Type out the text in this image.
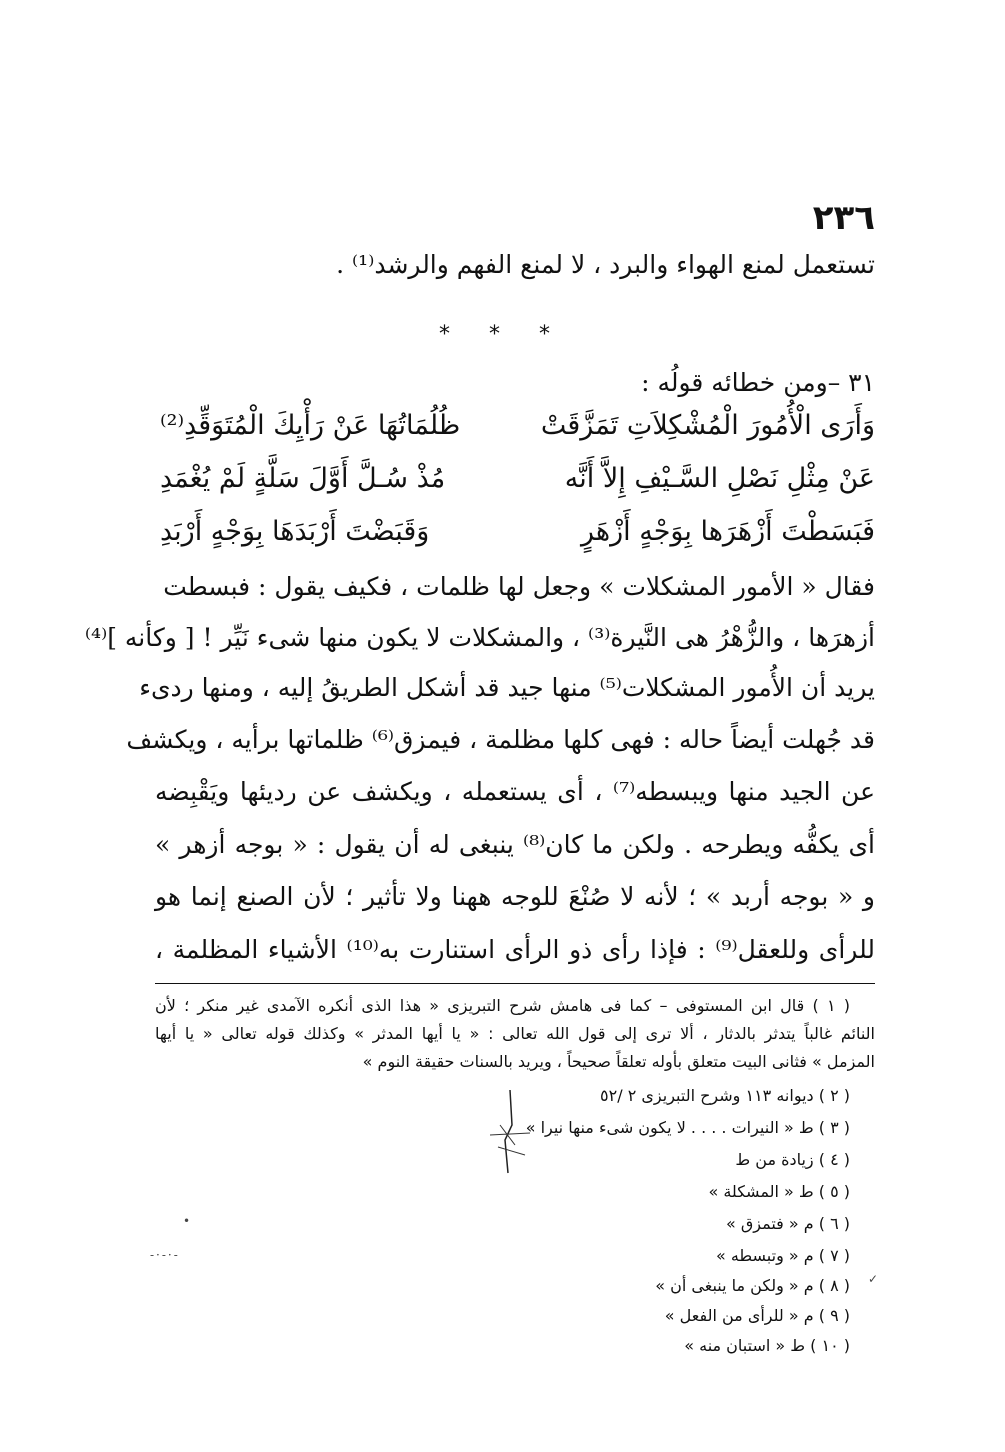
٢٣٦
تستعمل لمنع الهواء والبرد ، لا لمنع الفهم والرشد⁽¹⁾ .
* * *
٣١ –ومن خطائه قولُه :
وَأَرَى الْأُمُورَ الْمُشْكِلاَتِ تَمَزَّقَتْ
ظُلُمَاتُهَا عَنْ رَأْيِكَ الْمُتَوَقِّدِ⁽²⁾
عَنْ مِثْلِ نَصْلِ السَّـيْفِ إِلاَّ أَنَّه
مُذْ سُـلَّ أَوَّلَ سَلَّةٍ لَمْ يُغْمَدِ
فَبَسَطْتَ أَزْهَرَها بِوَجْهٍ أَزْهَرٍ
وَقَبَضْتَ أَرْبَدَهَا بِوَجْهٍ أَرْبَدِ
فقال « الأمور المشكلات » وجعل لها ظلمات ، فكيف يقول : فبسطت
أزهرَها ، والزُّهْرُ هى النَّيرة⁽³⁾ ، والمشكلات لا يكون منها شىء نَيِّر ! [ وكأنه ]⁽⁴⁾
يريد أن الأُمور المشكلات⁽⁵⁾ منها جيد قد أشكل الطريقُ إليه ، ومنها ردىء
قد جُهلت أيضاً حاله : فهى كلها مظلمة ، فيمزق⁽⁶⁾ ظلماتها برأيه ، ويكشف
عن الجيد منها ويبسطه⁽⁷⁾ ، أى يستعمله ، ويكشف عن رديئها ويَقْبِضه
أى يكفُّه ويطرحه . ولكن ما كان⁽⁸⁾ ينبغى له أن يقول : « بوجه أزهر »
و « بوجه أربد » ؛ لأنه لا صُنْعَ للوجه ههنا ولا تأثير ؛ لأن الصنع إنما هو
للرأى وللعقل⁽⁹⁾ : فإذا رأى ذو الرأى استنارت به⁽¹⁰⁾ الأشياء المظلمة ،
( ١ ) قال ابن المستوفى – كما فى هامش شرح التبريزى « هذا الذى أنكره الآمدى غير منكر ؛ لأن
النائم غالباً يتدثر بالدثار ، ألا ترى إلى قول الله تعالى : « يا أيها المدثر » وكذلك قوله تعالى « يا أيها
المزمل » فثانى البيت متعلق بأوله تعلقاً صحيحاً ، ويريد بالسنات حقيقة النوم »
( ٢ ) ديوانه ١١٣ وشرح التبريزى ٢ /٥٢
( ٣ ) ط « النيرات . . . . لا يكون شىء منها نيرا »
( ٤ ) زيادة من ط
( ٥ ) ط « المشكلة »
( ٦ ) م « فتمزق »
( ٧ ) م « وتبسطه »
( ٨ ) م « ولكن ما ينبغى أن »
( ٩ ) م « للرأى من الفعل »
( ١٠ ) ط « استبان منه »
•
-·-·-
✓
